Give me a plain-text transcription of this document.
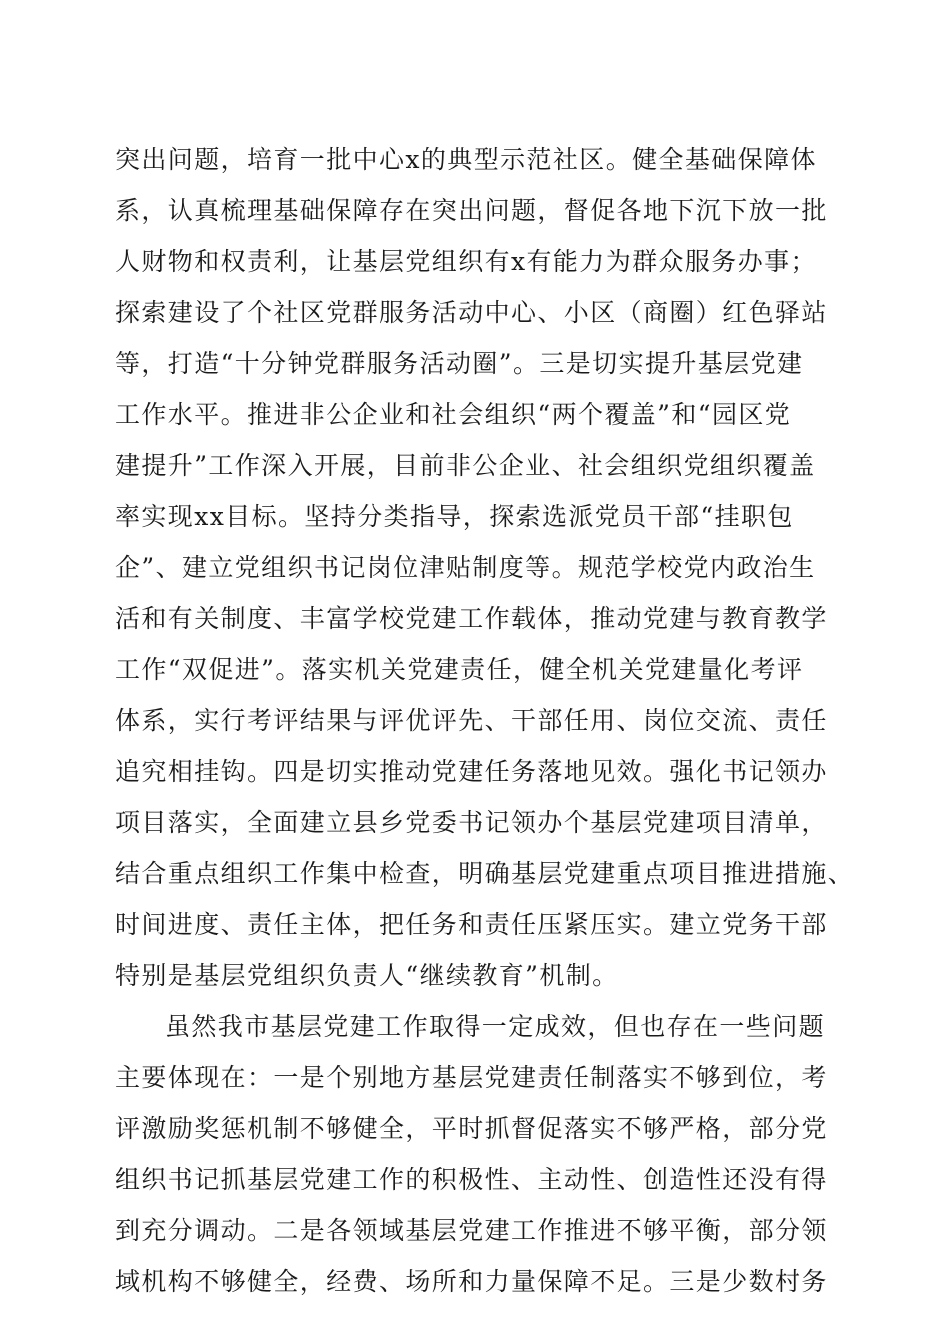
突出问题，培育一批中心x的典型示范社区。健全基础保障体

系，认真梳理基础保障存在突出问题，督促各地下沉下放一批

人财物和权责利，让基层党组织有x有能力为群众服务办事；

探索建设了个社区党群服务活动中心、小区（商圈）红色驿站

等，打造“十分钟党群服务活动圈”。三是切实提升基层党建

工作水平。推进非公企业和社会组织“两个覆盖”和“园区党

建提升”工作深入开展，目前非公企业、社会组织党组织覆盖

率实现xx目标。坚持分类指导，探索选派党员干部“挂职包

企”、建立党组织书记岗位津贴制度等。规范学校党内政治生

活和有关制度、丰富学校党建工作载体，推动党建与教育教学

工作“双促进”。落实机关党建责任，健全机关党建量化考评

体系，实行考评结果与评优评先、干部任用、岗位交流、责任

追究相挂钩。四是切实推动党建任务落地见效。强化书记领办

项目落实，全面建立县乡党委书记领办个基层党建项目清单，

结合重点组织工作集中检查，明确基层党建重点项目推进措施、

时间进度、责任主体，把任务和责任压紧压实。建立党务干部

特别是基层党组织负责人“继续教育”机制。

虽然我市基层党建工作取得一定成效，但也存在一些问题

主要体现在：一是个别地方基层党建责任制落实不够到位，考

评激励奖惩机制不够健全，平时抓督促落实不够严格，部分党

组织书记抓基层党建工作的积极性、主动性、创造性还没有得

到充分调动。二是各领域基层党建工作推进不够平衡，部分领

域机构不够健全，经费、场所和力量保障不足。三是少数村务
